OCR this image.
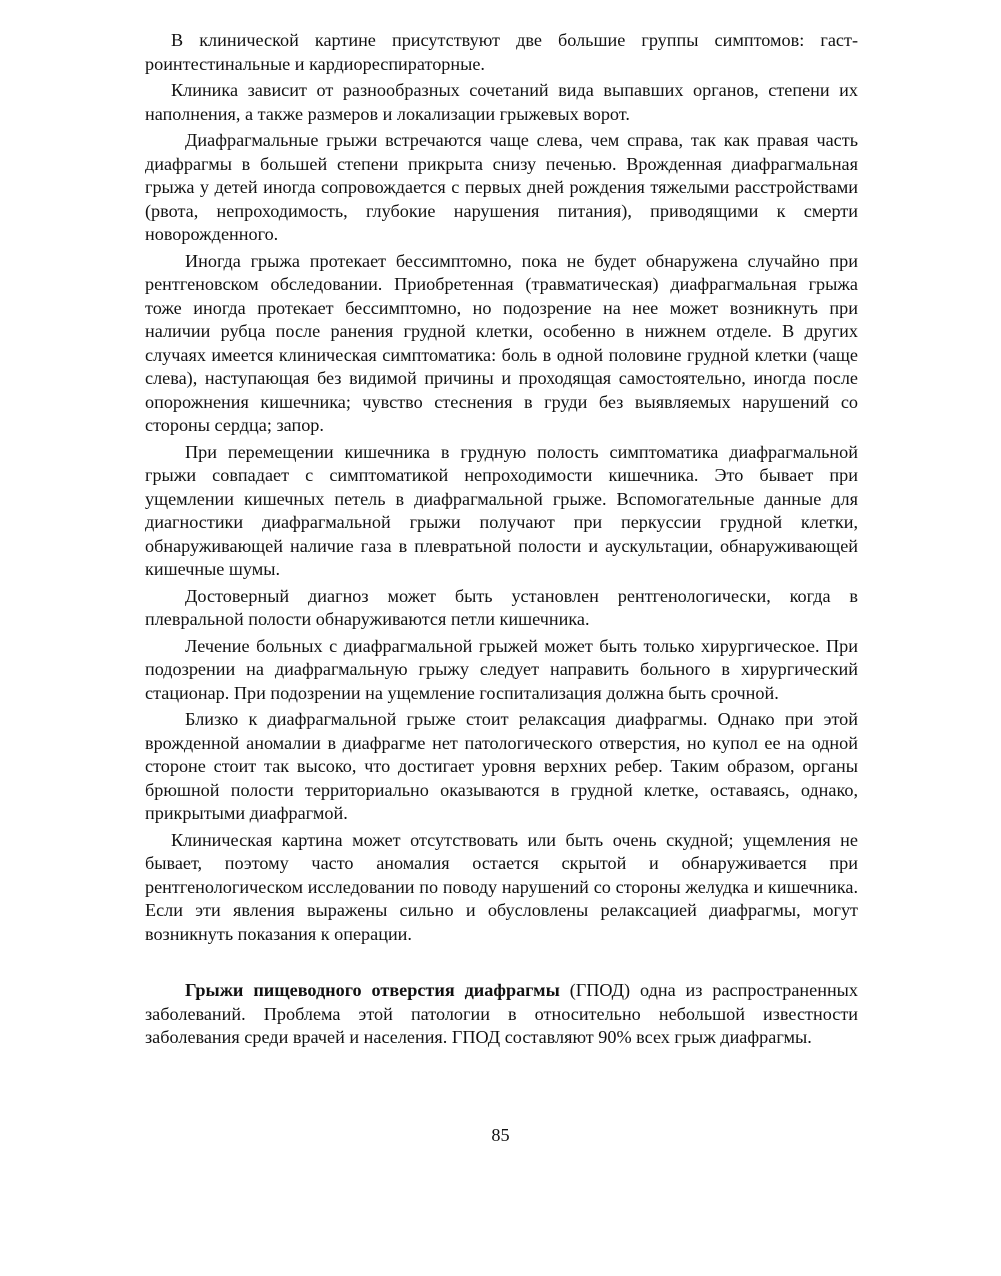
В клинической картине присутствуют две большие группы симптомов: гастроинтестинальные и кардиореспираторные.

Клиника зависит от разнообразных сочетаний вида выпавших органов, степени их наполнения, а также размеров и локализации грыжевых ворот.

Диафрагмальные грыжи встречаются чаще слева, чем справа, так как правая часть диафрагмы в большей степени прикрыта снизу печенью. Врожденная диафрагмальная грыжа у детей иногда сопровождается с первых дней рождения тяжелыми расстройствами (рвота, непроходимость, глубокие нарушения питания), приводящими к смерти новорожденного.

Иногда грыжа протекает бессимптомно, пока не будет обнаружена случайно при рентгеновском обследовании. Приобретенная (травматическая) диафрагмальная грыжа тоже иногда протекает бессимптомно, но подозрение на нее может возникнуть при наличии рубца после ранения грудной клетки, особенно в нижнем отделе. В других случаях имеется клиническая симптоматика: боль в одной половине грудной клетки (чаще слева), наступающая без видимой причины и проходящая самостоятельно, иногда после опорожнения кишечника; чувство стеснения в груди без выявляемых нарушений со стороны сердца; запор.

При перемещении кишечника в грудную полость симптоматика диафрагмальной грыжи совпадает с симптоматикой непроходимости кишечника. Это бывает при ущемлении кишечных петель в диафрагмальной грыже. Вспомогательные данные для диагностики диафрагмальной грыжи получают при перкуссии грудной клетки, обнаруживающей наличие газа в плевратьной полости и аускультации, обнаруживающей кишечные шумы.

Достоверный диагноз может быть установлен рентгенологически, когда в плевральной полости обнаруживаются петли кишечника.

Лечение больных с диафрагмальной грыжей может быть только хирургическое. При подозрении на диафрагмальную грыжу следует направить больного в хирургический стационар. При подозрении на ущемление госпитализация должна быть срочной.

Близко к диафрагмальной грыже стоит релаксация диафрагмы. Однако при этой врожденной аномалии в диафрагме нет патологического отверстия, но купол ее на одной стороне стоит так высоко, что достигает уровня верхних ребер. Таким образом, органы брюшной полости территориально оказываются в грудной клетке, оставаясь, однако, прикрытыми диафрагмой.

Клиническая картина может отсутствовать или быть очень скудной; ущемления не бывает, поэтому часто аномалия остается скрытой и обнаруживается при рентгенологическом исследовании по поводу нарушений со стороны желудка и кишечника. Если эти явления выражены сильно и обусловлены релаксацией диафрагмы, могут возникнуть показания к операции.

Грыжи пищеводного отверстия диафрагмы (ГПОД) одна из распространенных заболеваний. Проблема этой патологии в относительно небольшой известности заболевания среди врачей и населения. ГПОД составляют 90% всех грыж диафрагмы.

85
